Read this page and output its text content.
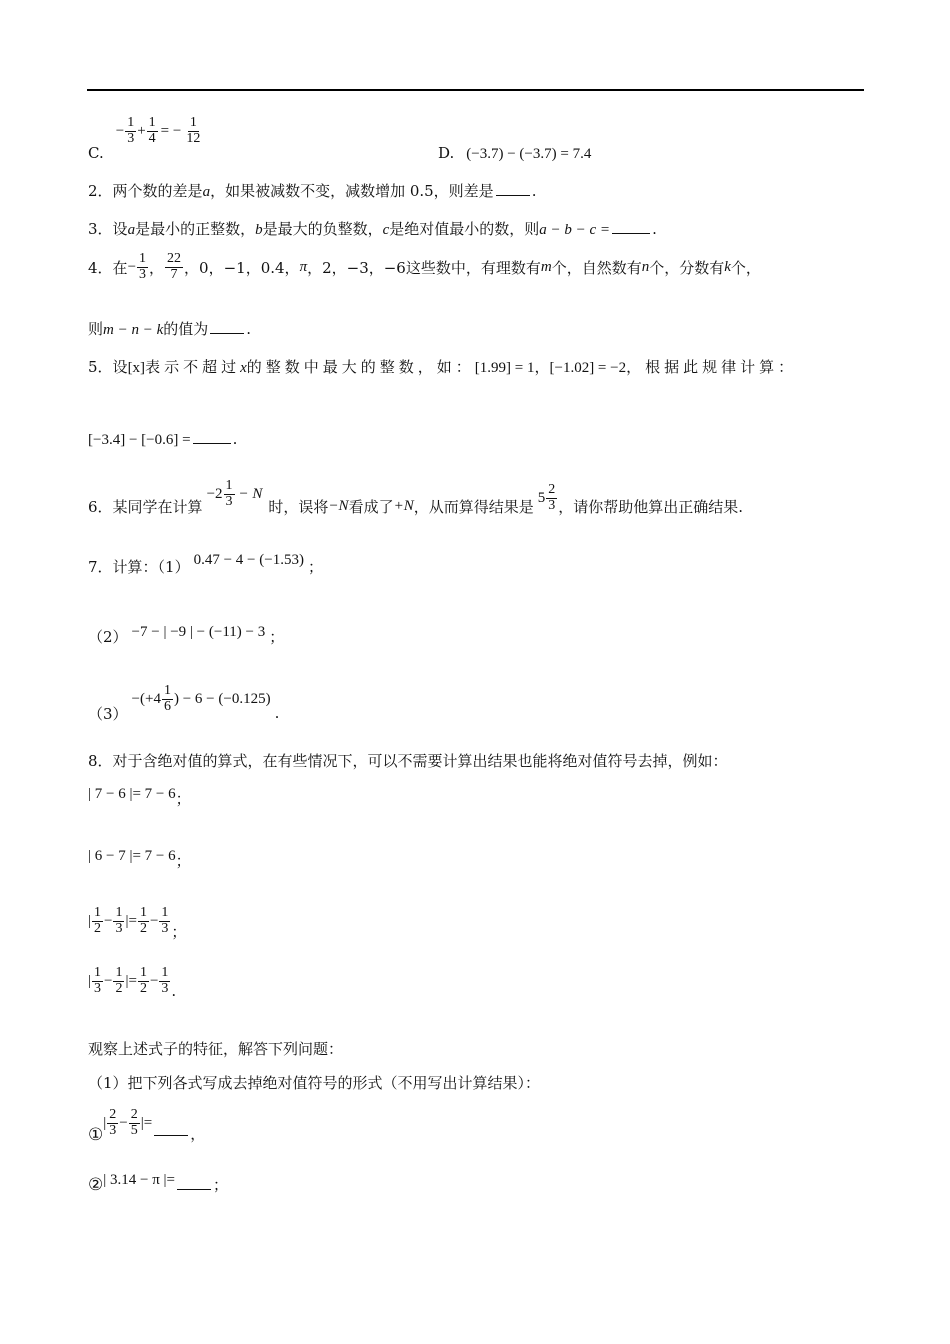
C.
− $\frac{1}{3} + \frac{1}{4}$ = − $\frac{1}{12}$
D. (−3.7) − (−3.7) = 7.4
2． 两个数的差是 a ，如果被减数不变，减数增加 0.5，则差是	.
3． 设 a 是最小的正整数， b 是最大的负整数， c 是绝对值最小的数，则 a − b − c =	.
4． 在 − $\frac{1}{3}$ ， $\frac{22}{7}$ ，0，−1，0.4， π ，2，−3，−6 这些数中，有理数有 m 个，自然数有 n 个，分数有 k 个，
则 m − n − k 的值为	.
5．设[x]表示不超过x的整数中最大的整数，如：[1.99] = 1，[−1.02] = −2，根据此规律计算：
[−3.4] − [−0.6] =	.
6． 某同学在计算
$-2 \frac{1}{3} - N$
时，误将 −N 看成了 +N ，从而算得结果是 $5 \frac{2}{3}$ ，请你帮助他算出正确结果.
7． 计算：（1） 0.47 − 4 − (−1.53) ；
（2） −7 − | −9 | − (−11) − 3 ；
（3）
$-(+4 \frac{1}{6}$ ) − 6 − (−0.125)
.
8． 对于含绝对值的算式，在有些情况下，可以不需要计算出结果也能将绝对值符号去掉，例如：
| 7 − 6 |= 7 − 6 ；
| 6 − 7 |= 7 − 6 ；
| $\frac{1}{2} - \frac{1}{3}$ |= $\frac{1}{2} - \frac{1}{3}$ ；
| $\frac{1}{3} - \frac{1}{2}$ |= $\frac{1}{2} - \frac{1}{3}$ .
观察上述式子的特征，解答下列问题：
（1）把下列各式写成去掉绝对值符号的形式（不用写出计算结果）：
①
| $\frac{2}{3} - \frac{2}{5}$ |=
，
② | 3.14 − π |=	；
